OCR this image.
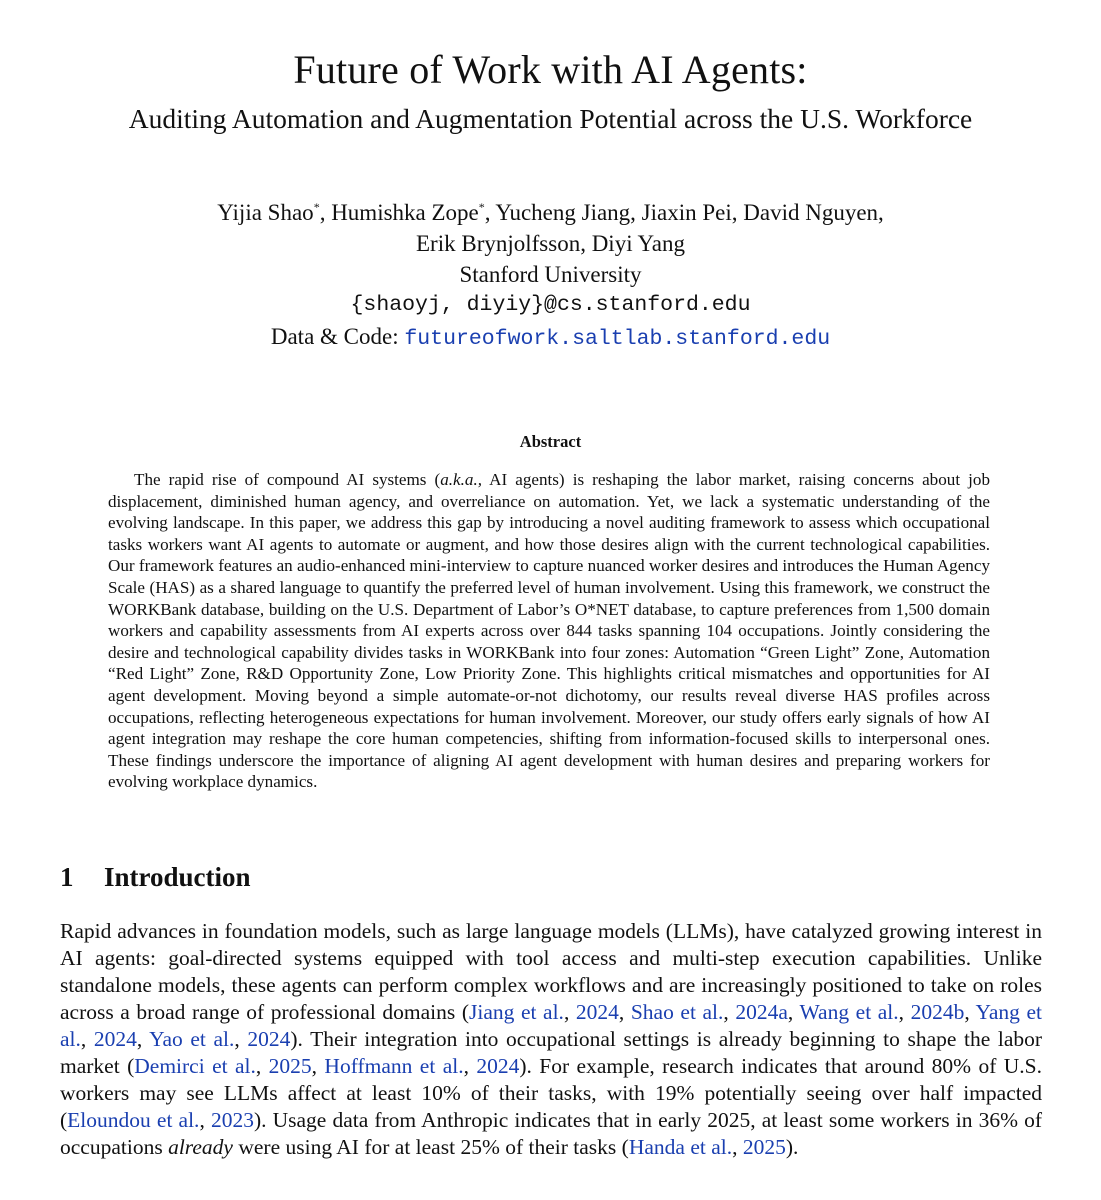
Future of Work with AI Agents:
Auditing Automation and Augmentation Potential across the U.S. Workforce
Yijia Shao*, Humishka Zope*, Yucheng Jiang, Jiaxin Pei, David Nguyen,
Erik Brynjolfsson, Diyi Yang
Stanford University
{shaoyj, diyiy}@cs.stanford.edu
Data & Code: futureofwork.saltlab.stanford.edu
Abstract
The rapid rise of compound AI systems (a.k.a., AI agents) is reshaping the labor market, raising concerns about job displacement, diminished human agency, and overreliance on automation. Yet, we lack a systematic understanding of the evolving landscape. In this paper, we address this gap by introducing a novel auditing framework to assess which occupational tasks workers want AI agents to automate or augment, and how those desires align with the current technological capabilities. Our framework features an audio-enhanced mini-interview to capture nuanced worker desires and introduces the Human Agency Scale (HAS) as a shared language to quantify the preferred level of human involvement. Using this framework, we construct the WORKBank database, building on the U.S. Department of Labor’s O*NET database, to capture preferences from 1,500 domain workers and capability assessments from AI experts across over 844 tasks spanning 104 occupations. Jointly considering the desire and technological capability divides tasks in WORKBank into four zones: Automation “Green Light” Zone, Automation “Red Light” Zone, R&D Opportunity Zone, Low Priority Zone. This highlights critical mismatches and opportunities for AI agent development. Moving beyond a simple automate-or-not dichotomy, our results reveal diverse HAS profiles across occupations, reflecting heterogeneous expectations for human involvement. Moreover, our study offers early signals of how AI agent integration may reshape the core human competencies, shifting from information-focused skills to interpersonal ones. These findings underscore the importance of aligning AI agent development with human desires and preparing workers for evolving workplace dynamics.
1 Introduction
Rapid advances in foundation models, such as large language models (LLMs), have catalyzed growing interest in AI agents: goal-directed systems equipped with tool access and multi-step execution capabilities. Unlike standalone models, these agents can perform complex workflows and are increasingly positioned to take on roles across a broad range of professional domains (Jiang et al., 2024, Shao et al., 2024a, Wang et al., 2024b, Yang et al., 2024, Yao et al., 2024). Their integration into occupational settings is already beginning to shape the labor market (Demirci et al., 2025, Hoffmann et al., 2024). For example, research indicates that around 80% of U.S. workers may see LLMs affect at least 10% of their tasks, with 19% potentially seeing over half impacted (Eloundou et al., 2023). Usage data from Anthropic indicates that in early 2025, at least some workers in 36% of occupations already were using AI for at least 25% of their tasks (Handa et al., 2025).
